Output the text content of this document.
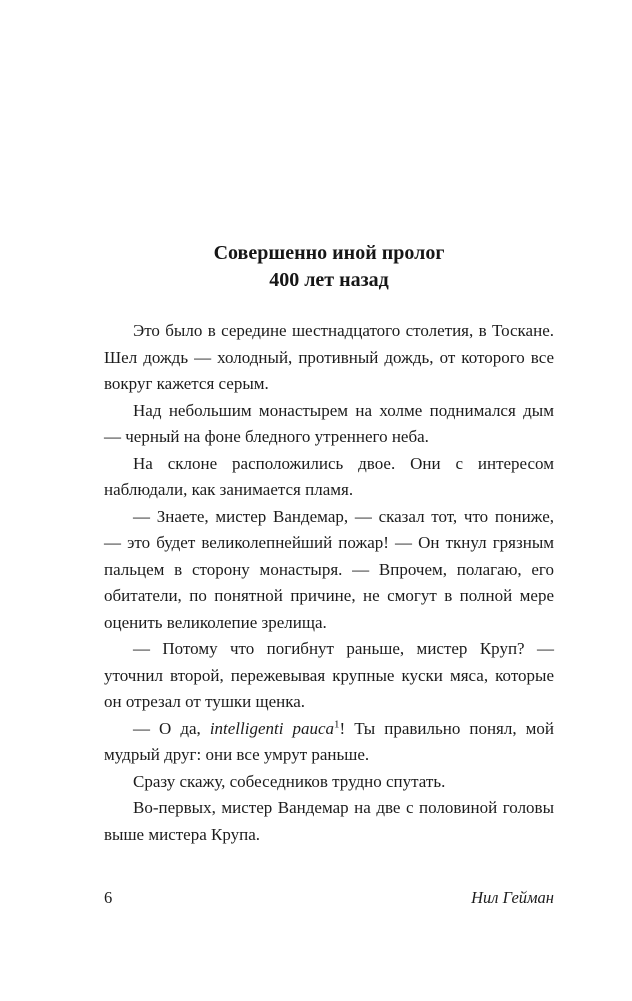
Совершенно иной пролог
400 лет назад

Это было в середине шестнадцатого столетия, в Тоскане. Шел дождь — холодный, противный дождь, от которого все вокруг кажется серым.

Над небольшим монастырем на холме поднимался дым — черный на фоне бледного утреннего неба.

На склоне расположились двое. Они с интересом наблюдали, как занимается пламя.

— Знаете, мистер Вандемар, — сказал тот, что пониже, — это будет великолепнейший пожар! — Он ткнул грязным пальцем в сторону монастыря. — Впрочем, полагаю, его обитатели, по понятной причине, не смогут в полной мере оценить великолепие зрелища.

— Потому что погибнут раньше, мистер Круп? — уточнил второй, пережевывая крупные куски мяса, которые он отрезал от тушки щенка.

— О да, intelligenti pauca$^1$! Ты правильно понял, мой мудрый друг: они все умрут раньше.

Сразу скажу, собеседников трудно спутать.

Во-первых, мистер Вандемар на две с половиной головы выше мистера Крупа.

6	Нил Гейман
